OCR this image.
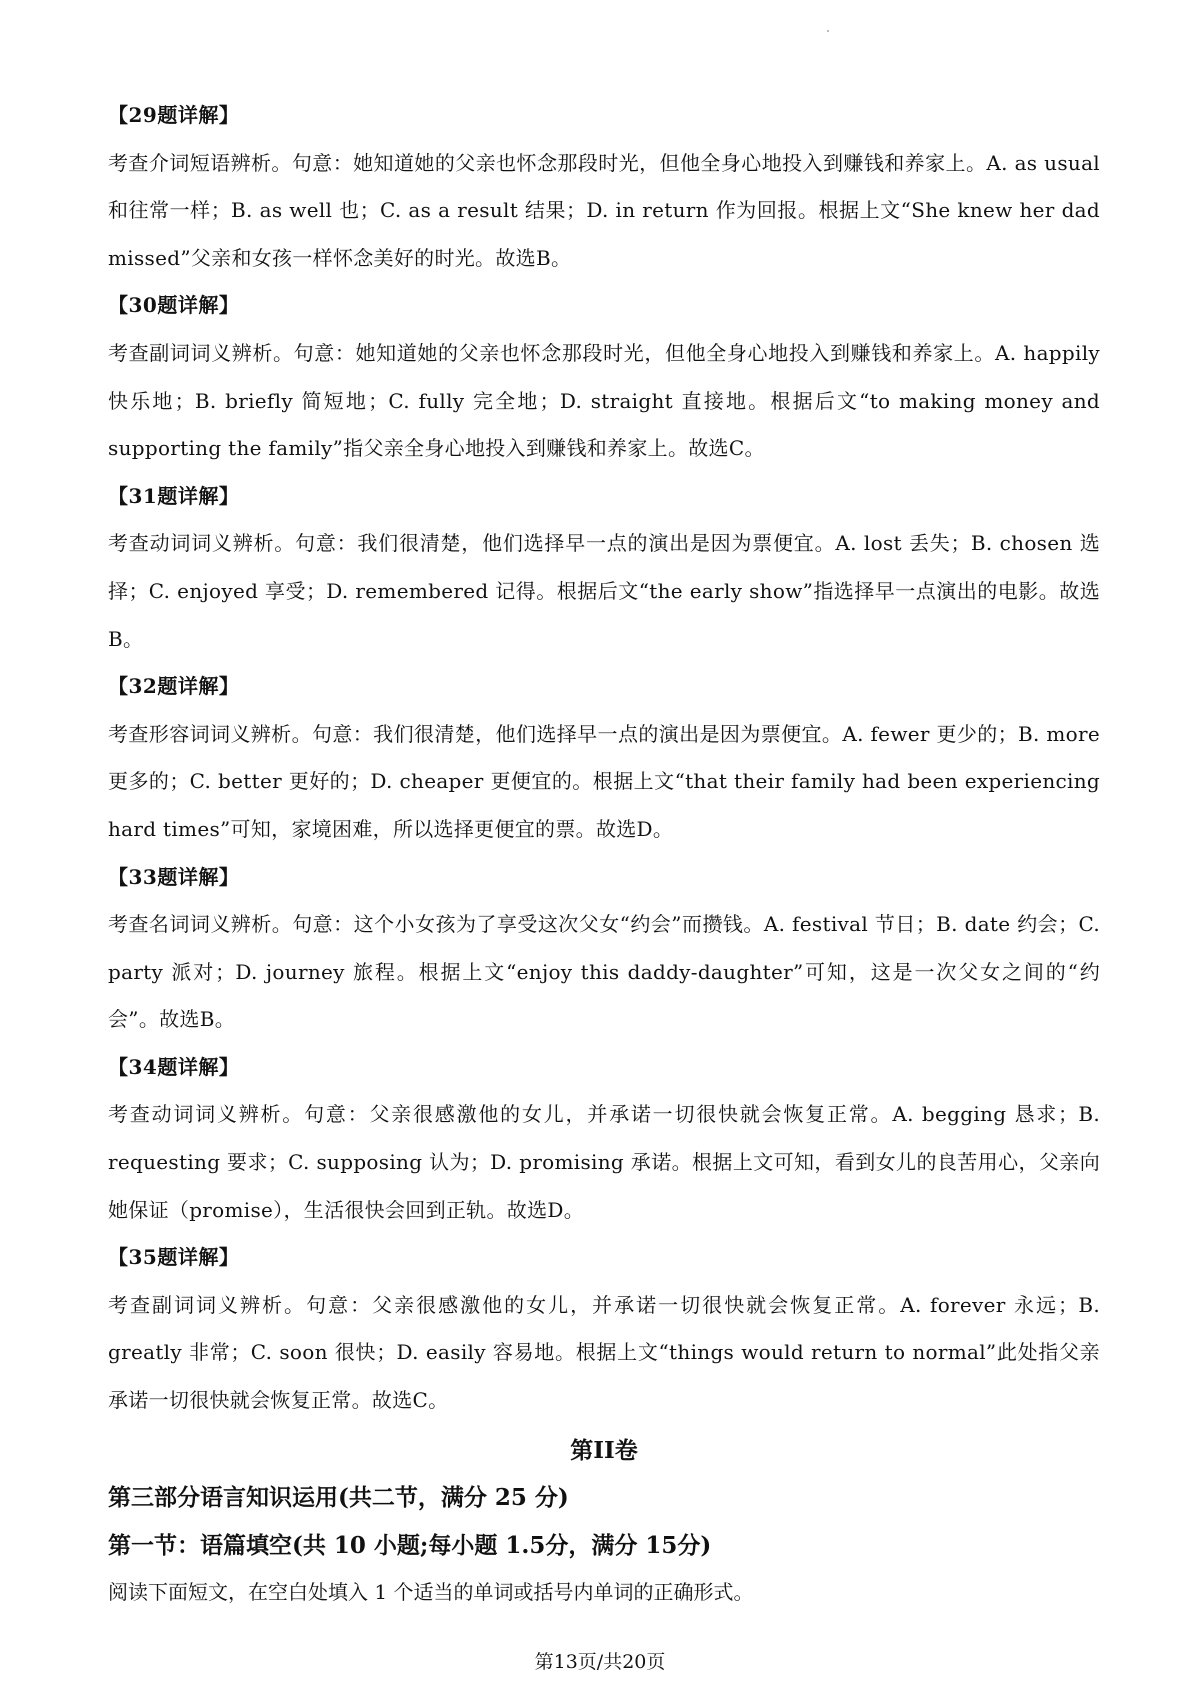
【29题详解】

考查介词短语辨析。句意：她知道她的父亲也怀念那段时光，但他全身心地投入到赚钱和养家上。A. as usual 和往常一样；B. as well 也；C. as a result 结果；D. in return 作为回报。根据上文“She knew her dad missed”父亲和女孩一样怀念美好的时光。故选B。

【30题详解】

考查副词词义辨析。句意：她知道她的父亲也怀念那段时光，但他全身心地投入到赚钱和养家上。A. happily 快乐地；B. briefly 简短地；C. fully 完全地；D. straight 直接地。根据后文“to making money and supporting the family”指父亲全身心地投入到赚钱和养家上。故选C。

【31题详解】

考查动词词义辨析。句意：我们很清楚，他们选择早一点的演出是因为票便宜。A. lost 丢失；B. chosen 选择；C. enjoyed 享受；D. remembered 记得。根据后文“the early show”指选择早一点演出的电影。故选B。

【32题详解】

考查形容词词义辨析。句意：我们很清楚，他们选择早一点的演出是因为票便宜。A. fewer 更少的；B. more 更多的；C. better 更好的；D. cheaper 更便宜的。根据上文“that their family had been experiencing hard times”可知，家境困难，所以选择更便宜的票。故选D。

【33题详解】

考查名词词义辨析。句意：这个小女孩为了享受这次父女“约会”而攒钱。A. festival 节日；B. date 约会；C. party 派对；D. journey 旅程。根据上文“enjoy this daddy-daughter”可知，这是一次父女之间的“约会”。故选B。

【34题详解】

考查动词词义辨析。句意：父亲很感激他的女儿，并承诺一切很快就会恢复正常。A. begging 恳求；B. requesting 要求；C. supposing 认为；D. promising 承诺。根据上文可知，看到女儿的良苦用心，父亲向她保证（promise），生活很快会回到正轨。故选D。

【35题详解】

考查副词词义辨析。句意：父亲很感激他的女儿，并承诺一切很快就会恢复正常。A. forever 永远；B. greatly 非常；C. soon 很快；D. easily 容易地。根据上文“things would return to normal”此处指父亲承诺一切很快就会恢复正常。故选C。

第II卷
第三部分语言知识运用(共二节，满分 25 分)
第一节：语篇填空(共 10 小题;每小题 1.5分，满分 15分)
阅读下面短文，在空白处填入 1 个适当的单词或括号内单词的正确形式。
第13页/共20页
